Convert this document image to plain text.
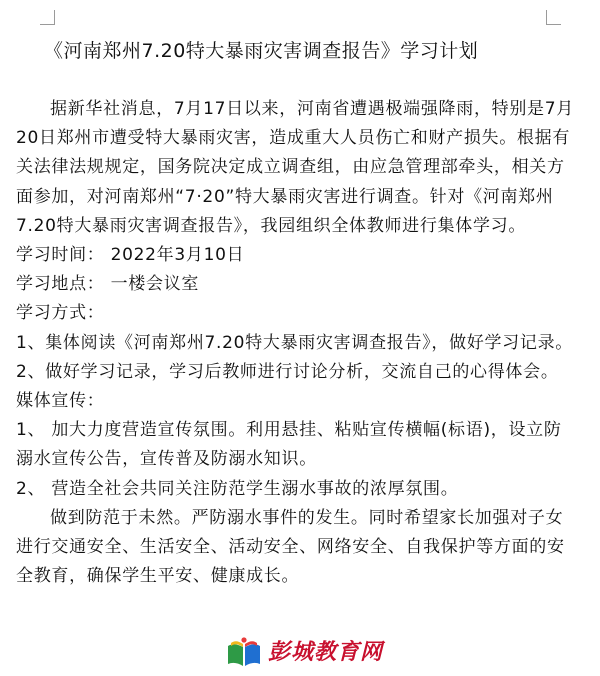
《河南郑州7.20特大暴雨灾害调查报告》学习计划

据新华社消息，7月17日以来，河南省遭遇极端强降雨，特别是7月20日郑州市遭受特大暴雨灾害，造成重大人员伤亡和财产损失。根据有关法律法规规定，国务院决定成立调查组，由应急管理部牵头，相关方面参加，对河南郑州“7·20”特大暴雨灾害进行调查。针对《河南郑州7.20特大暴雨灾害调查报告》，我园组织全体教师进行集体学习。

学习时间： 2022年3月10日

学习地点： 一楼会议室

学习方式：

1、集体阅读《河南郑州7.20特大暴雨灾害调查报告》，做好学习记录。

2、做好学习记录，学习后教师进行讨论分析，交流自己的心得体会。媒体宣传：

1、 加大力度营造宣传氛围。利用悬挂、粘贴宣传横幅(标语)，设立防溺水宣传公告，宣传普及防溺水知识。

2、 营造全社会共同关注防范学生溺水事故的浓厚氛围。

做到防范于未然。严防溺水事件的发生。同时希望家长加强对子女进行交通安全、生活安全、活动安全、网络安全、自我保护等方面的安全教育，确保学生平安、健康成长。

彭城教育网
